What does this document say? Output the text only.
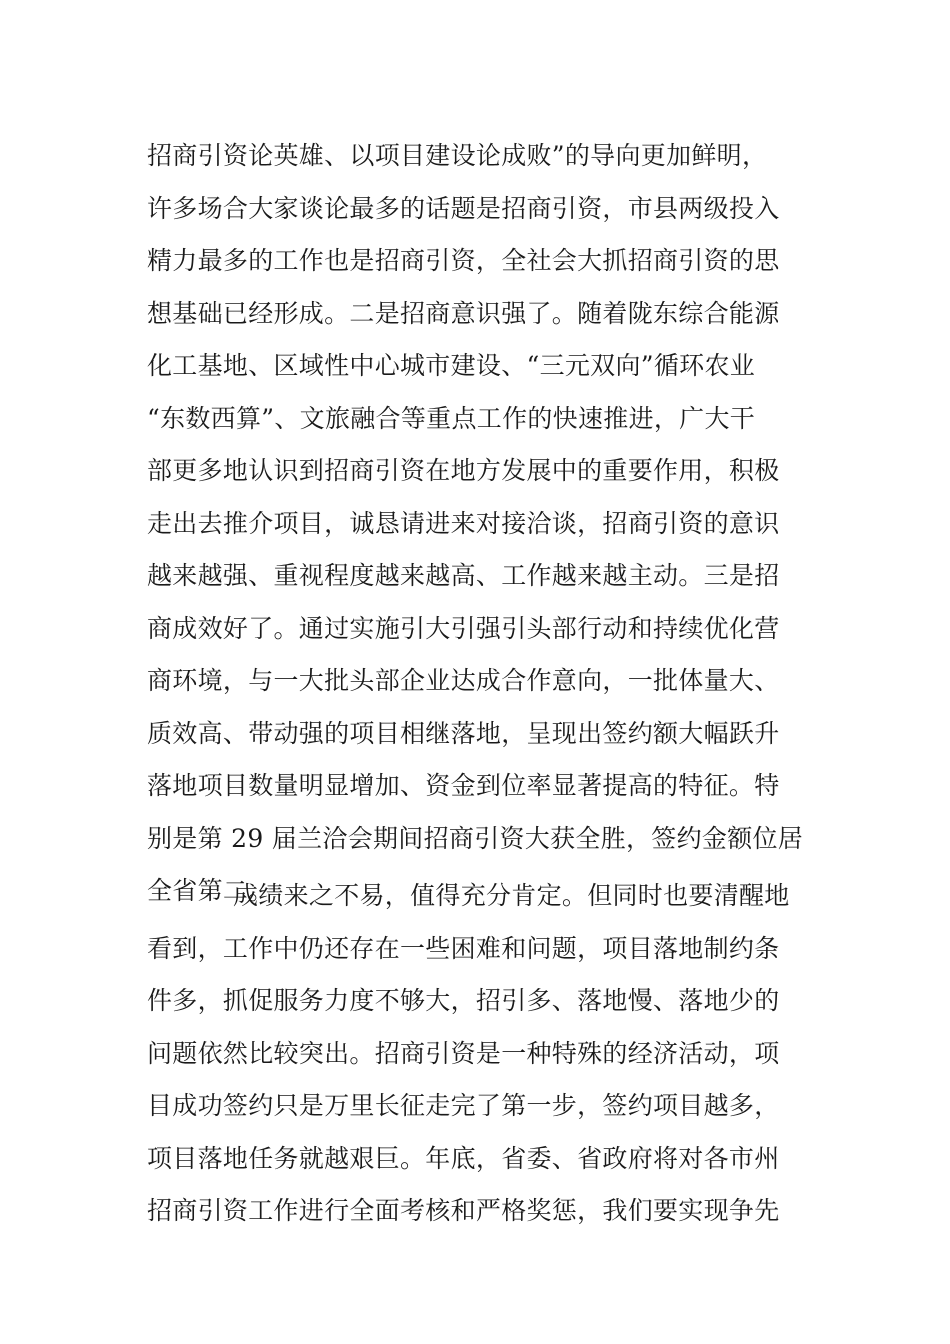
招商引资论英雄、以项目建设论成败”的导向更加鲜明，
许多场合大家谈论最多的话题是招商引资，市县两级投入
精力最多的工作也是招商引资，全社会大抓招商引资的思
想基础已经形成。二是招商意识强了。随着陇东综合能源
化工基地、区域性中心城市建设、“三元双向”循环农业
“东数西算”、文旅融合等重点工作的快速推进，广大干
部更多地认识到招商引资在地方发展中的重要作用，积极
走出去推介项目，诚恳请进来对接洽谈，招商引资的意识
越来越强、重视程度越来越高、工作越来越主动。三是招
商成效好了。通过实施引大引强引头部行动和持续优化营
商环境，与一大批头部企业达成合作意向，一批体量大、
质效高、带动强的项目相继落地，呈现出签约额大幅跃升
落地项目数量明显增加、资金到位率显著提高的特征。特
别是第 29 届兰洽会期间招商引资大获全胜，签约金额位居
全省第二。
成绩来之不易，值得充分肯定。但同时也要清醒地
看到，工作中仍还存在一些困难和问题，项目落地制约条
件多，抓促服务力度不够大，招引多、落地慢、落地少的
问题依然比较突出。招商引资是一种特殊的经济活动，项
目成功签约只是万里长征走完了第一步，签约项目越多，
项目落地任务就越艰巨。年底，省委、省政府将对各市州
招商引资工作进行全面考核和严格奖惩，我们要实现争先
